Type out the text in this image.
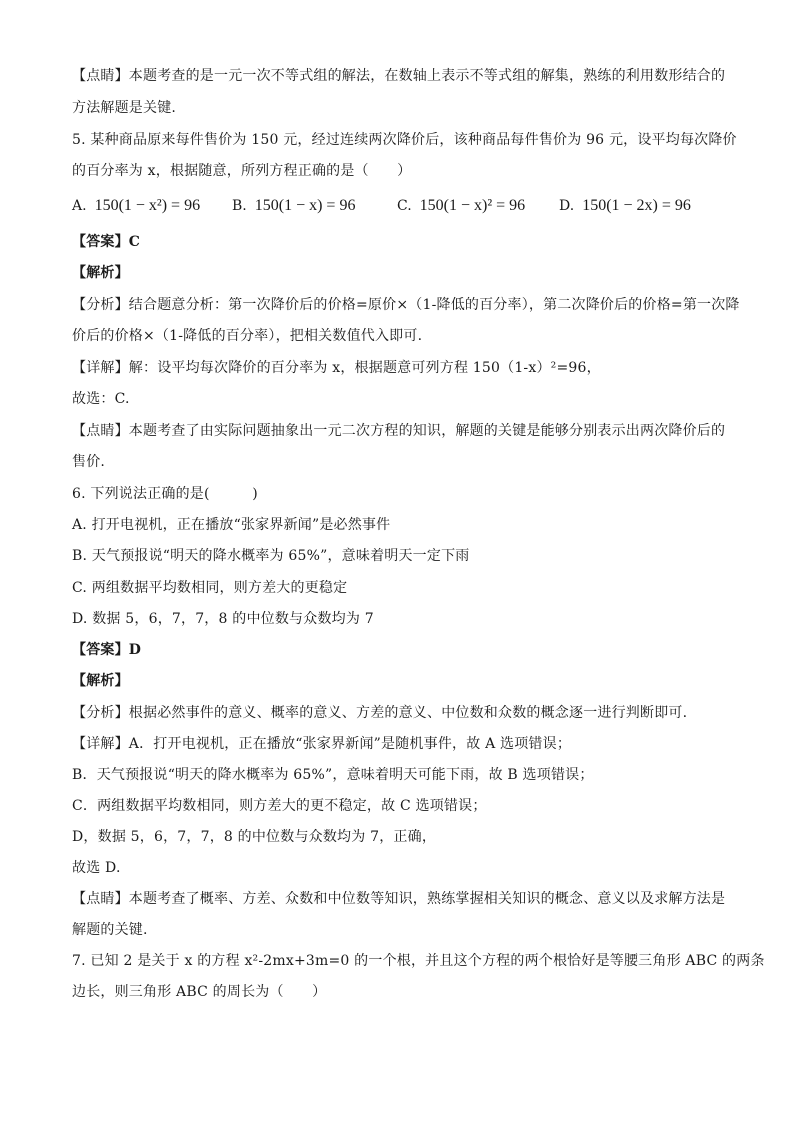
【点睛】本题考查的是一元一次不等式组的解法，在数轴上表示不等式组的解集，熟练的利用数形结合的
方法解题是关键.
5. 某种商品原来每件售价为 150 元，经过连续两次降价后，该种商品每件售价为 96 元，设平均每次降价
的百分率为 x，根据随意，所列方程正确的是（　　）
A. 150(1 − x²) = 96 B. 150(1 − x) = 96	C. 150(1 − x)² = 96 D. 150(1 − 2x) = 96
【答案】C
【解析】
【分析】结合题意分析：第一次降价后的价格=原价×（1-降低的百分率），第二次降价后的价格=第一次降
价后的价格×（1-降低的百分率），把相关数值代入即可.
【详解】解：设平均每次降价的百分率为 x，根据题意可列方程 150（1-x）²=96，
故选：C.
【点睛】本题考查了由实际问题抽象出一元二次方程的知识，解题的关键是能够分别表示出两次降价后的
售价.
6. 下列说法正确的是(　　　)
A. 打开电视机，正在播放“张家界新闻”是必然事件
B. 天气预报说“明天的降水概率为 65%”，意味着明天一定下雨
C. 两组数据平均数相同，则方差大的更稳定
D. 数据 5，6，7，7，8 的中位数与众数均为 7
【答案】D
【解析】
【分析】根据必然事件的意义、概率的意义、方差的意义、中位数和众数的概念逐一进行判断即可.
【详解】A．打开电视机，正在播放“张家界新闻”是随机事件，故 A 选项错误；
B．天气预报说“明天的降水概率为 65%”，意味着明天可能下雨，故 B 选项错误；
C．两组数据平均数相同，则方差大的更不稳定，故 C 选项错误；
D，数据 5，6，7，7，8 的中位数与众数均为 7，正确，
故选 D.
【点睛】本题考查了概率、方差、众数和中位数等知识，熟练掌握相关知识的概念、意义以及求解方法是
解题的关键.
7. 已知 2 是关于 x 的方程 x²-2mx+3m=0 的一个根，并且这个方程的两个根恰好是等腰三角形 ABC 的两条
边长，则三角形 ABC 的周长为（　　）
